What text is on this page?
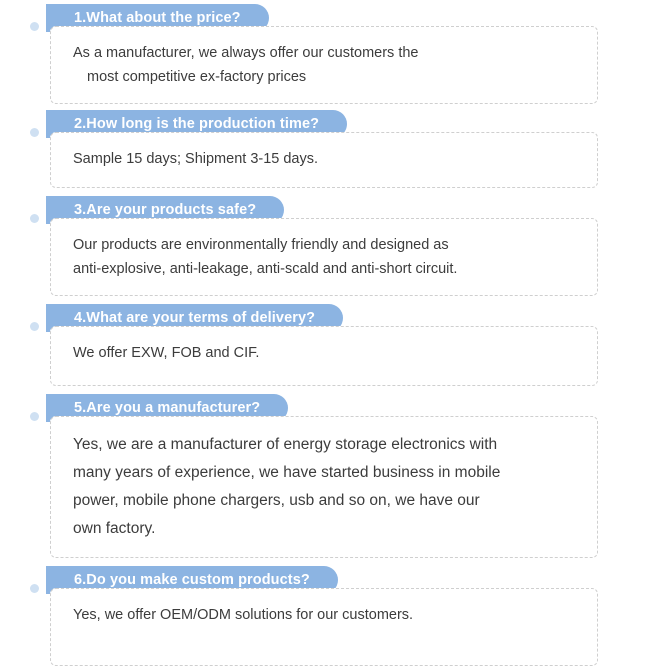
1.What about the price?

As a manufacturer, we always offer our customers the

most competitive ex-factory prices

2.How long is the production time?

Sample 15 days; Shipment 3-15 days.

3.Are your products safe?

Our products are environmentally friendly and designed as

anti-explosive, anti-leakage, anti-scald and anti-short circuit.

4.What are your terms of delivery?

We offer EXW, FOB and CIF.

5.Are you a manufacturer?

Yes, we are a manufacturer of energy storage electronics with

many years of experience, we have started business in mobile

power, mobile phone chargers, usb and so on, we have our

own factory.

6.Do you make custom products?

Yes, we offer OEM/ODM solutions for our customers.
